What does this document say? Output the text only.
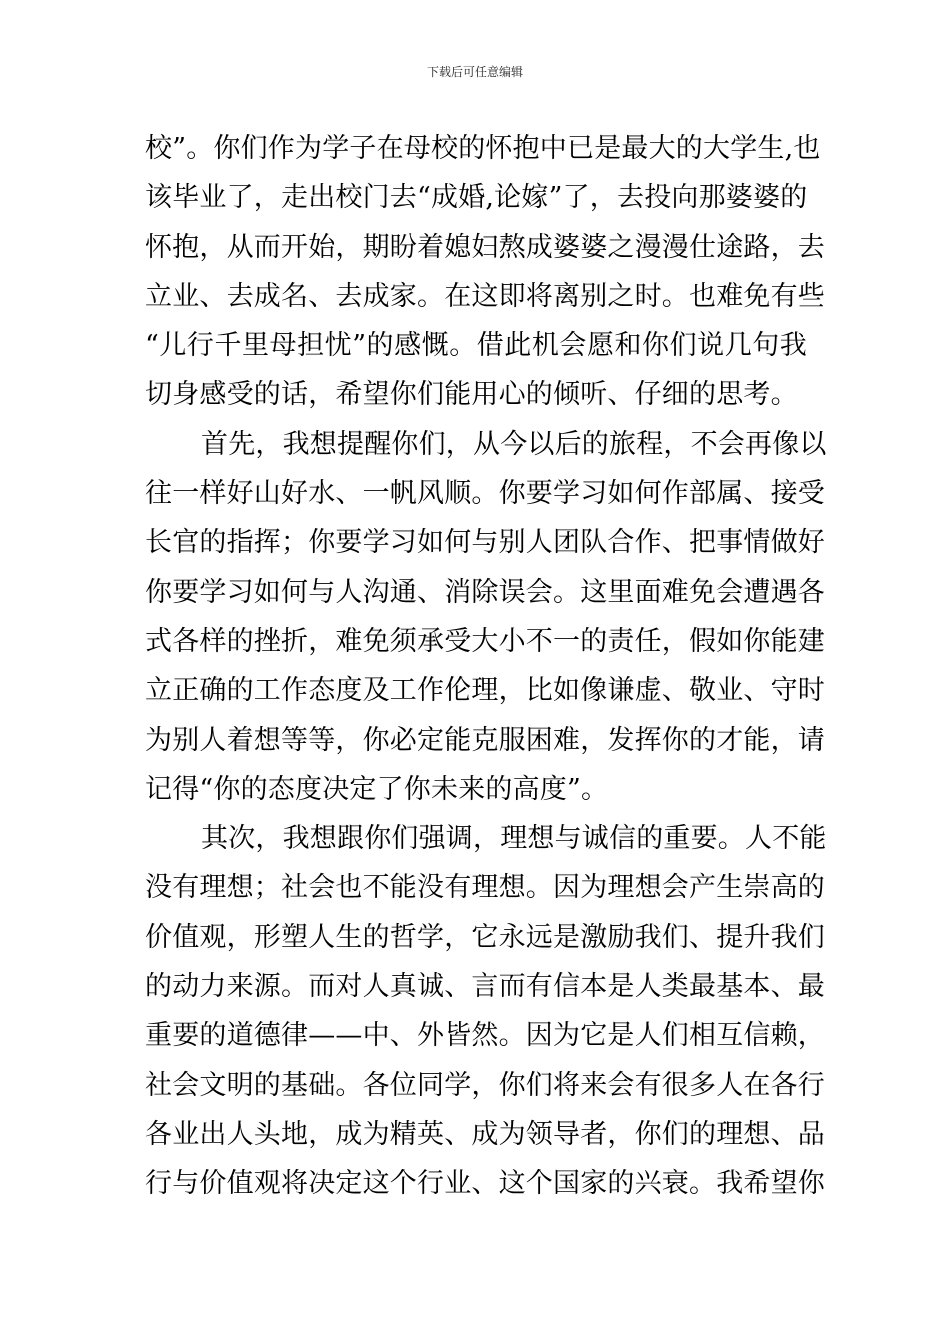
下载后可任意编辑
校”。你们作为学子在母校的怀抱中已是最大的大学生,也
该毕业了，走出校门去“成婚,论嫁”了，去投向那婆婆的
怀抱，从而开始，期盼着媳妇熬成婆婆之漫漫仕途路，去
立业、去成名、去成家。在这即将离别之时。也难免有些
“儿行千里母担忧”的感慨。借此机会愿和你们说几句我
切身感受的话，希望你们能用心的倾听、仔细的思考。
首先，我想提醒你们，从今以后的旅程，不会再像以
往一样好山好水、一帆风顺。你要学习如何作部属、接受
长官的指挥；你要学习如何与别人团队合作、把事情做好
你要学习如何与人沟通、消除误会。这里面难免会遭遇各
式各样的挫折，难免须承受大小不一的责任，假如你能建
立正确的工作态度及工作伦理，比如像谦虚、敬业、守时
为别人着想等等，你必定能克服困难，发挥你的才能，请
记得“你的态度决定了你未来的高度”。
其次，我想跟你们强调，理想与诚信的重要。人不能
没有理想；社会也不能没有理想。因为理想会产生崇高的
价值观，形塑人生的哲学，它永远是激励我们、提升我们
的动力来源。而对人真诚、言而有信本是人类最基本、最
重要的道德律——中、外皆然。因为它是人们相互信赖，
社会文明的基础。各位同学，你们将来会有很多人在各行
各业出人头地，成为精英、成为领导者，你们的理想、品
行与价值观将决定这个行业、这个国家的兴衰。我希望你
